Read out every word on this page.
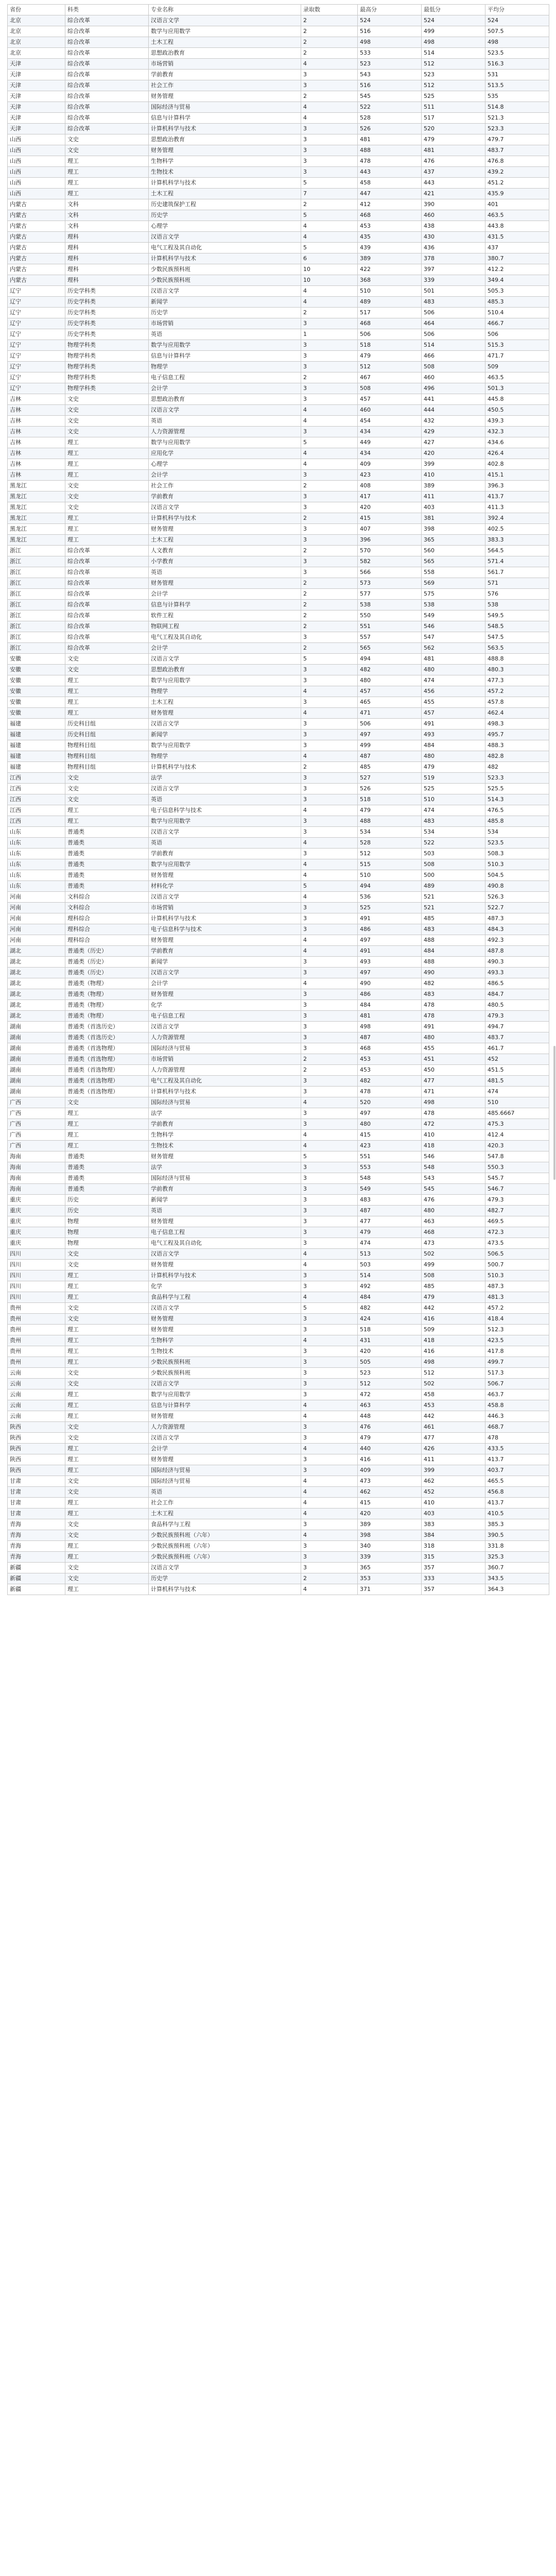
省份	科类	专业名称	录取数	最高分	最低分	平均分
北京	综合改革	汉语言文学	2	524	524	524
北京	综合改革	数学与应用数学	2	516	499	507.5
北京	综合改革	土木工程	2	498	498	498
北京	综合改革	思想政治教育	2	533	514	523.5
天津	综合改革	市场营销	4	523	512	516.3
天津	综合改革	学前教育	3	543	523	531
天津	综合改革	社会工作	3	516	512	513.5
天津	综合改革	财务管理	2	545	525	535
天津	综合改革	国际经济与贸易	4	522	511	514.8
天津	综合改革	信息与计算科学	4	528	517	521.3
天津	综合改革	计算机科学与技术	3	526	520	523.3
山西	文史	思想政治教育	3	481	479	479.7
山西	文史	财务管理	3	488	481	483.7
山西	理工	生物科学	3	478	476	476.8
山西	理工	生物技术	3	443	437	439.2
山西	理工	计算机科学与技术	5	458	443	451.2
山西	理工	土木工程	7	447	421	435.9
内蒙古	文科	历史建筑保护工程	2	412	390	401
内蒙古	文科	历史学	5	468	460	463.5
内蒙古	文科	心理学	4	453	438	443.8
内蒙古	理科	汉语言文学	4	435	430	431.5
内蒙古	理科	电气工程及其自动化	5	439	436	437
内蒙古	理科	计算机科学与技术	6	389	378	380.7
内蒙古	理科	少数民族预科班	10	422	397	412.2
内蒙古	理科	少数民族预科班	10	368	339	349.4
辽宁	历史学科类	汉语言文学	4	510	501	505.3
辽宁	历史学科类	新闻学	4	489	483	485.3
辽宁	历史学科类	历史学	2	517	506	510.4
辽宁	历史学科类	市场营销	3	468	464	466.7
辽宁	历史学科类	英语	1	506	506	506
辽宁	物理学科类	数学与应用数学	3	518	514	515.3
辽宁	物理学科类	信息与计算科学	3	479	466	471.7
辽宁	物理学科类	物理学	3	512	508	509
辽宁	物理学科类	电子信息工程	2	467	460	463.5
辽宁	物理学科类	会计学	3	508	496	501.3
吉林	文史	思想政治教育	3	457	441	445.8
吉林	文史	汉语言文学	4	460	444	450.5
吉林	文史	英语	4	454	432	439.3
吉林	文史	人力资源管理	3	434	429	432.3
吉林	理工	数学与应用数学	5	449	427	434.6
吉林	理工	应用化学	4	434	420	426.4
吉林	理工	心理学	4	409	399	402.8
吉林	理工	会计学	3	423	410	415.1
黑龙江	文史	社会工作	2	408	389	396.3
黑龙江	文史	学前教育	3	417	411	413.7
黑龙江	文史	汉语言文学	3	420	403	411.3
黑龙江	理工	计算机科学与技术	2	415	381	392.4
黑龙江	理工	财务管理	3	407	398	402.5
黑龙江	理工	土木工程	3	396	365	383.3
浙江	综合改革	人文教育	2	570	560	564.5
浙江	综合改革	小学教育	3	582	565	571.4
浙江	综合改革	英语	3	566	558	561.7
浙江	综合改革	财务管理	2	573	569	571
浙江	综合改革	会计学	2	577	575	576
浙江	综合改革	信息与计算科学	2	538	538	538
浙江	综合改革	软件工程	2	550	549	549.5
浙江	综合改革	物联网工程	2	551	546	548.5
浙江	综合改革	电气工程及其自动化	3	557	547	547.5
浙江	综合改革	会计学	2	565	562	563.5
安徽	文史	汉语言文学	5	494	481	488.8
安徽	文史	思想政治教育	3	482	480	480.3
安徽	理工	数学与应用数学	3	480	474	477.3
安徽	理工	物理学	4	457	456	457.2
安徽	理工	土木工程	3	465	455	457.8
安徽	理工	财务管理	4	471	457	462.4
福建	历史科目组	汉语言文学	3	506	491	498.3
福建	历史科目组	新闻学	3	497	493	495.7
福建	物理科目组	数学与应用数学	3	499	484	488.3
福建	物理科目组	物理学	4	487	480	482.8
福建	物理科目组	计算机科学与技术	2	485	479	482
江西	文史	法学	3	527	519	523.3
江西	文史	汉语言文学	3	526	525	525.5
江西	文史	英语	3	518	510	514.3
江西	理工	电子信息科学与技术	4	479	474	476.5
江西	理工	数学与应用数学	3	488	483	485.8
山东	普通类	汉语言文学	3	534	534	534
山东	普通类	英语	4	528	522	523.5
山东	普通类	学前教育	3	512	503	508.3
山东	普通类	数学与应用数学	4	515	508	510.3
山东	普通类	财务管理	4	510	500	504.5
山东	普通类	材料化学	5	494	489	490.8
河南	文科综合	汉语言文学	4	536	521	526.3
河南	文科综合	市场营销	3	525	521	522.7
河南	理科综合	计算机科学与技术	3	491	485	487.3
河南	理科综合	电子信息科学与技术	3	486	483	484.3
河南	理科综合	财务管理	4	497	488	492.3
湖北	普通类（历史）	学前教育	4	491	484	487.8
湖北	普通类（历史）	新闻学	3	493	488	490.3
湖北	普通类（历史）	汉语言文学	3	497	490	493.3
湖北	普通类（物理）	会计学	4	490	482	486.5
湖北	普通类（物理）	财务管理	3	486	483	484.7
湖北	普通类（物理）	化学	3	484	478	480.5
湖北	普通类（物理）	电子信息工程	3	481	478	479.3
湖南	普通类（首选历史）	汉语言文学	3	498	491	494.7
湖南	普通类（首选历史）	人力资源管理	3	487	480	483.7
湖南	普通类（首选物理）	国际经济与贸易	3	468	455	461.7
湖南	普通类（首选物理）	市场营销	2	453	451	452
湖南	普通类（首选物理）	人力资源管理	2	453	450	451.5
湖南	普通类（首选物理）	电气工程及其自动化	3	482	477	481.5
湖南	普通类（首选物理）	计算机科学与技术	3	478	471	474
广西	文史	国际经济与贸易	4	520	498	510
广西	理工	法学	3	497	478	485.6667
广西	理工	学前教育	3	480	472	475.3
广西	理工	生物科学	4	415	410	412.4
广西	理工	生物技术	4	423	418	420.3
海南	普通类	财务管理	5	551	546	547.8
海南	普通类	法学	3	553	548	550.3
海南	普通类	国际经济与贸易	3	548	543	545.7
海南	普通类	学前教育	3	549	545	546.7
重庆	历史	新闻学	3	483	476	479.3
重庆	历史	英语	3	487	480	482.7
重庆	物理	财务管理	3	477	463	469.5
重庆	物理	电子信息工程	3	479	468	472.3
重庆	物理	电气工程及其自动化	3	474	473	473.5
四川	文史	汉语言文学	4	513	502	506.5
四川	文史	财务管理	4	503	499	500.7
四川	理工	计算机科学与技术	3	514	508	510.3
四川	理工	化学	3	492	485	487.3
四川	理工	食品科学与工程	4	484	479	481.3
贵州	文史	汉语言文学	5	482	442	457.2
贵州	文史	财务管理	3	424	416	418.4
贵州	理工	财务管理	3	518	509	512.3
贵州	理工	生物科学	4	431	418	423.5
贵州	理工	生物技术	3	420	416	417.8
贵州	理工	少数民族预科班	3	505	498	499.7
云南	文史	少数民族预科班	3	523	512	517.3
云南	文史	汉语言文学	3	512	502	506.7
云南	理工	数学与应用数学	3	472	458	463.7
云南	理工	信息与计算科学	4	463	453	458.8
云南	理工	财务管理	4	448	442	446.3
陕西	文史	人力资源管理	3	476	461	468.7
陕西	文史	汉语言文学	3	479	477	478
陕西	理工	会计学	4	440	426	433.5
陕西	理工	财务管理	3	416	411	413.7
陕西	理工	国际经济与贸易	3	409	399	403.7
甘肃	文史	国际经济与贸易	4	473	462	465.5
甘肃	文史	英语	4	462	452	456.8
甘肃	理工	社会工作	4	415	410	413.7
甘肃	理工	土木工程	4	420	403	410.5
青海	文史	食品科学与工程	3	389	383	385.3
青海	文史	少数民族预科班（六年）	4	398	384	390.5
青海	理工	少数民族预科班（六年）	3	340	318	331.8
青海	理工	少数民族预科班（六年）	3	339	315	325.3
新疆	文史	汉语言文学	3	365	357	360.7
新疆	文史	历史学	2	353	333	343.5
新疆	理工	计算机科学与技术	4	371	357	364.3
